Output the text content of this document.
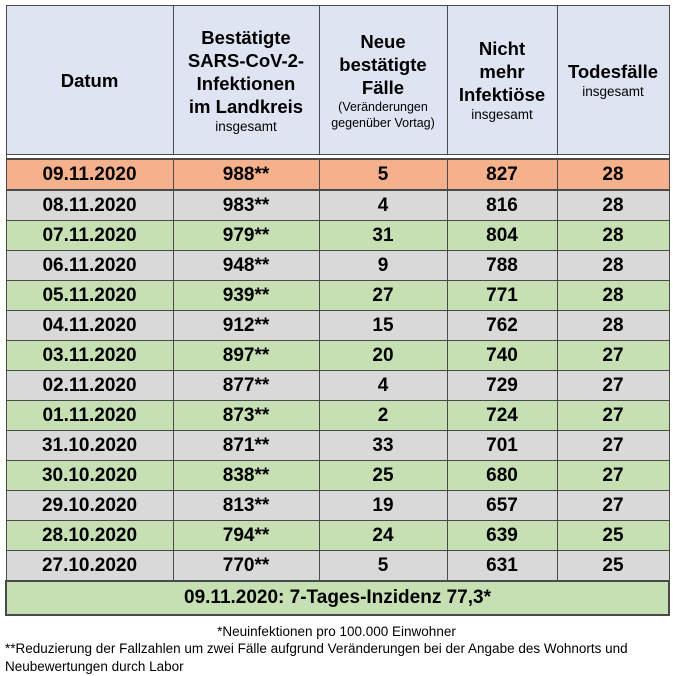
Datum	Bestätigte
SARS-CoV-2-
Infektionen
im Landkreis
insgesamt	Neue
bestätigte
Fälle
(Veränderungen
gegenüber Vortag)	Nicht
mehr
Infektiöse
insgesamt	Todesfälle
insgesamt

09.11.2020	988**	5	827	28
08.11.2020	983**	4	816	28
07.11.2020	979**	31	804	28
06.11.2020	948**	9	788	28
05.11.2020	939**	27	771	28
04.11.2020	912**	15	762	28
03.11.2020	897**	20	740	27
02.11.2020	877**	4	729	27
01.11.2020	873**	2	724	27
31.10.2020	871**	33	701	27
30.10.2020	838**	25	680	27
29.10.2020	813**	19	657	27
28.10.2020	794**	24	639	25
27.10.2020	770**	5	631	25
09.11.2020: 7-Tages-Inzidenz 77,3*				
*Neuinfektionen pro 100.000 Einwohner
**Reduzierung der Fallzahlen um zwei Fälle aufgrund Veränderungen bei der Angabe des Wohnorts und Neubewertungen durch Labor
